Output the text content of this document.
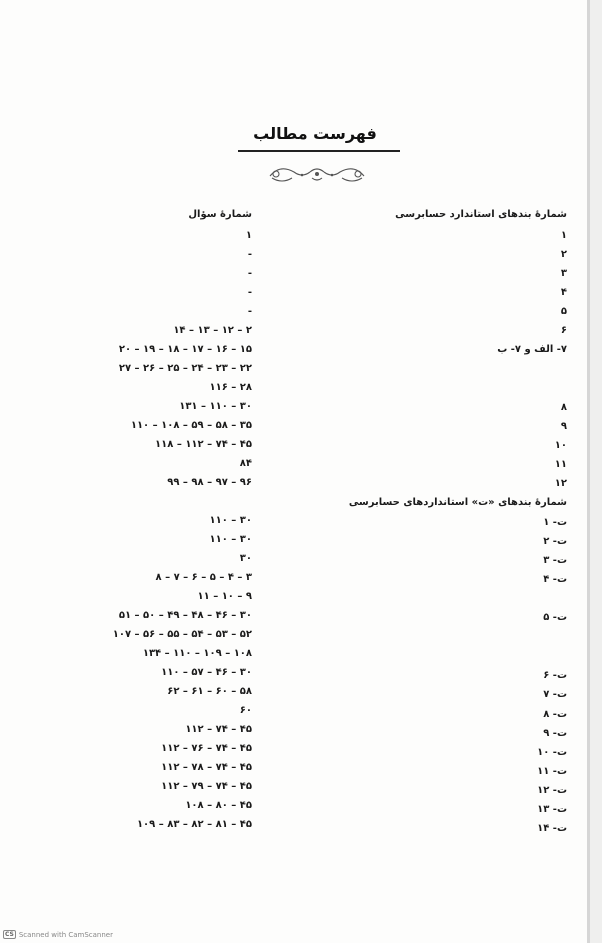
فهرست مطالب
شمارهٔ بندهای استاندارد حسابرسی
شمارهٔ سؤال
شمارهٔ بندهای «ت» استانداردهای حسابرسی
۱
۲
۳
۴
۵
۶
۷- الف و ۷- ب
۸
۹
۱۰
۱۱
۱۲
ت- ۱
ت- ۲
ت- ۳
ت- ۴
ت- ۵
ت- ۶
ت- ۷
ت- ۸
ت- ۹
ت- ۱۰
ت- ۱۱
ت- ۱۲
ت- ۱۳
ت- ۱۴
۱
-
-
-
-
۲ – ۱۲ – ۱۳ – ۱۴
۱۵ – ۱۶ – ۱۷ – ۱۸ – ۱۹ – ۲۰
۲۲ – ۲۳ – ۲۴ – ۲۵ – ۲۶ – ۲۷
۲۸ – ۱۱۶
۳۰ – ۱۱۰ – ۱۳۱
۳۵ – ۵۸ – ۵۹ – ۱۰۸ – ۱۱۰
۴۵ – ۷۴ – ۱۱۲ – ۱۱۸
۸۴
۹۶ – ۹۷ – ۹۸ – ۹۹
۳۰ – ۱۱۰
۳۰ – ۱۱۰
۳۰
۳ – ۴ – ۵ – ۶ – ۷ – ۸
۹ – ۱۰ – ۱۱
۳۰ – ۴۶ – ۴۸ – ۴۹ – ۵۰ – ۵۱
۵۲ – ۵۳ – ۵۴ – ۵۵ – ۵۶ – ۱۰۷
۱۰۸ – ۱۰۹ – ۱۱۰ – ۱۳۴
۳۰ – ۴۶ – ۵۷ – ۱۱۰
۵۸ – ۶۰ – ۶۱ – ۶۲
۶۰
۴۵ – ۷۴ – ۱۱۲
۴۵ – ۷۴ – ۷۶ – ۱۱۲
۴۵ – ۷۴ – ۷۸ – ۱۱۲
۴۵ – ۷۴ – ۷۹ – ۱۱۲
۴۵ – ۸۰ – ۱۰۸
۴۵ – ۸۱ – ۸۲ – ۸۳ – ۱۰۹
CS Scanned with CamScanner
